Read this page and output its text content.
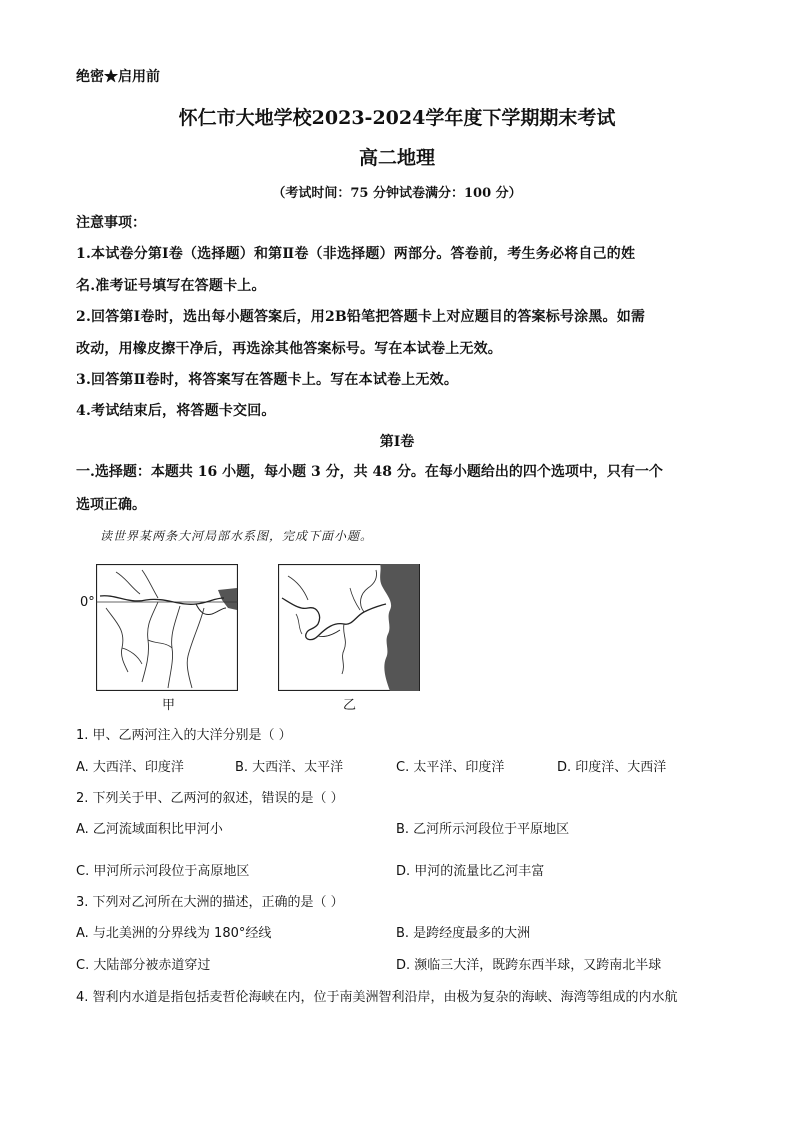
绝密★启用前
怀仁市大地学校2023-2024学年度下学期期末考试
高二地理
（考试时间：75 分钟试卷满分：100 分）
注意事项：
1.本试卷分第Ⅰ卷（选择题）和第Ⅱ卷（非选择题）两部分。答卷前，考生务必将自己的姓
名.准考证号填写在答题卡上。
2.回答第Ⅰ卷时，选出每小题答案后，用2B铅笔把答题卡上对应题目的答案标号涂黑。如需
改动，用橡皮擦干净后，再选涂其他答案标号。写在本试卷上无效。
3.回答第Ⅱ卷时，将答案写在答题卡上。写在本试卷上无效。
4.考试结束后，将答题卡交回。
第Ⅰ卷
一.选择题：本题共 16 小题，每小题 3 分，共 48 分。在每小题给出的四个选项中，只有一个
选项正确。
读世界某两条大河局部水系图，完成下面小题。
0°
甲	乙
1. 甲、乙两河注入的大洋分别是（ ）
A. 大西洋、印度洋	B. 大西洋、太平洋	C. 太平洋、印度洋	D. 印度洋、大西洋
2. 下列关于甲、乙两河的叙述，错误的是（ ）
A. 乙河流域面积比甲河小	B. 乙河所示河段位于平原地区
C. 甲河所示河段位于高原地区	D. 甲河的流量比乙河丰富
3. 下列对乙河所在大洲的描述，正确的是（ ）
A. 与北美洲的分界线为 180°经线	B. 是跨经度最多的大洲
C. 大陆部分被赤道穿过	D. 濒临三大洋，既跨东西半球，又跨南北半球
4. 智利内水道是指包括麦哲伦海峡在内，位于南美洲智利沿岸，由极为复杂的海峡、海湾等组成的内水航
